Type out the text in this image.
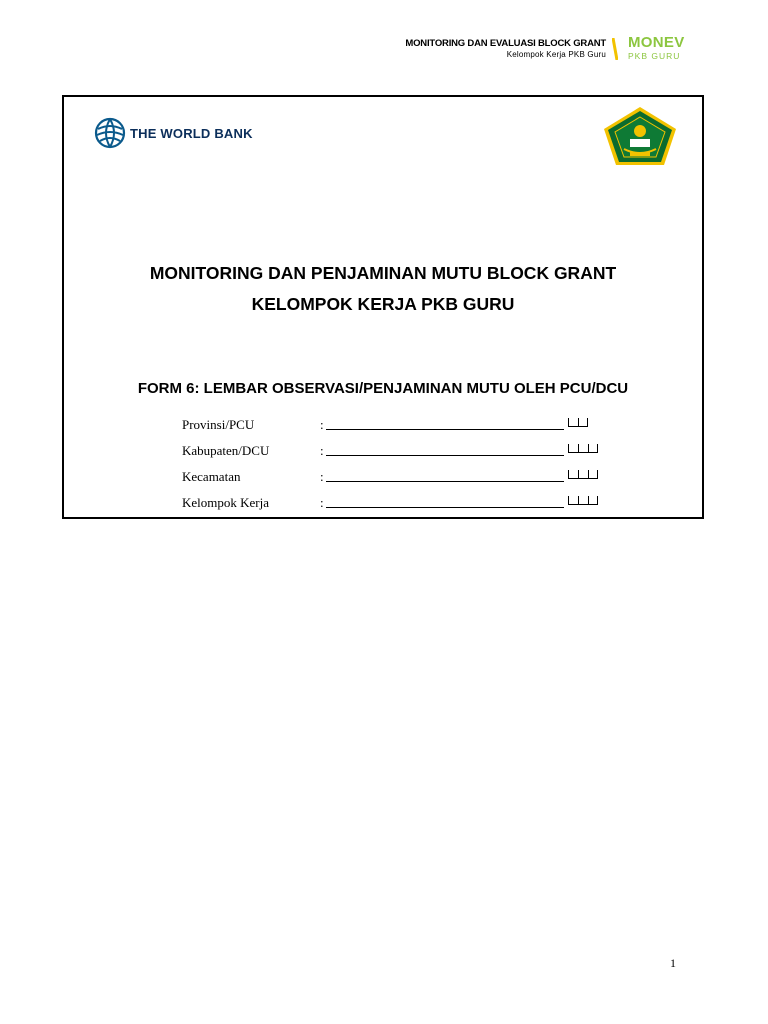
MONITORING DAN EVALUASI BLOCK GRANT
Kelompok Kerja PKB Guru
MONEV
PKB GURU
THE WORLD BANK
MONITORING DAN PENJAMINAN MUTU BLOCK GRANT
KELOMPOK KERJA PKB GURU
FORM 6: LEMBAR OBSERVASI/PENJAMINAN MUTU OLEH PCU/DCU
Provinsi/PCU	:
Kabupaten/DCU	:
Kecamatan	:
Kelompok Kerja	:
1
